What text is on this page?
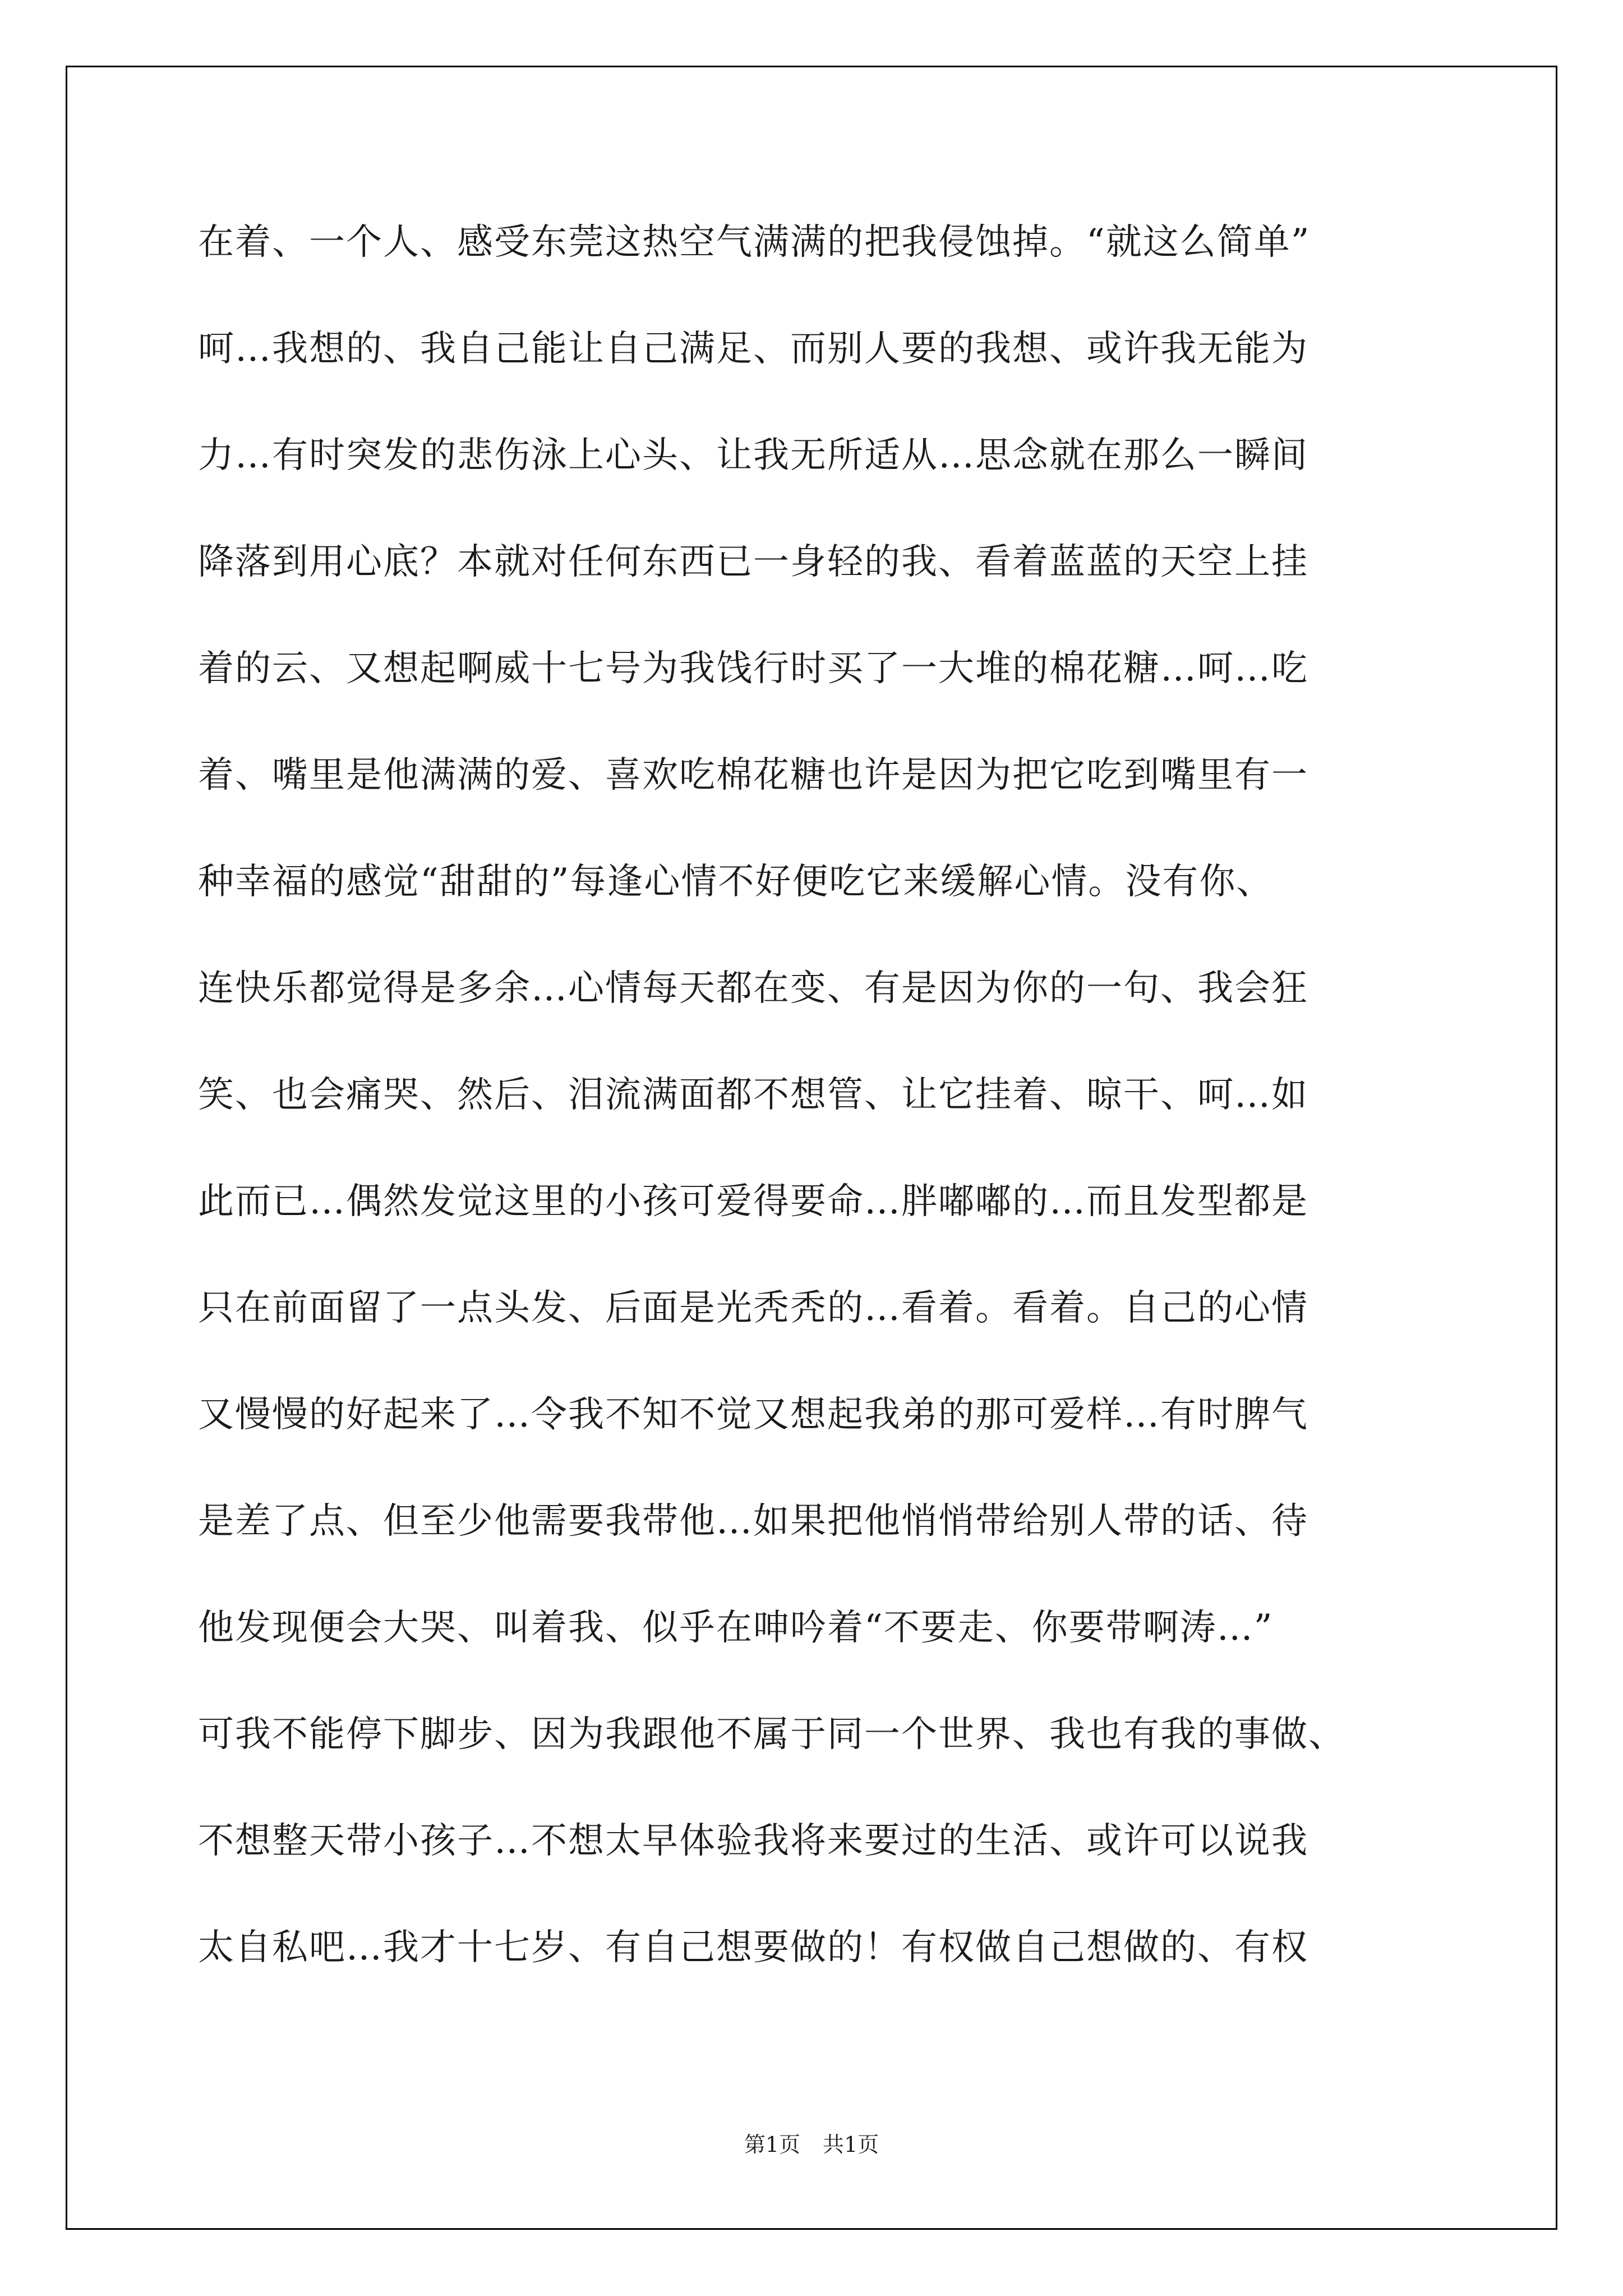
在着、一个人、感受东莞这热空气满满的把我侵蚀掉。“就这么简单”
呵…我想的、我自己能让自己满足、而别人要的我想、或许我无能为
力…有时突发的悲伤泳上心头、让我无所适从…思念就在那么一瞬间
降落到用心底？本就对任何东西已一身轻的我、看着蓝蓝的天空上挂
着的云、又想起啊威十七号为我饯行时买了一大堆的棉花糖…呵…吃
着、嘴里是他满满的爱、喜欢吃棉花糖也许是因为把它吃到嘴里有一
种幸福的感觉“甜甜的”每逢心情不好便吃它来缓解心情。没有你、
连快乐都觉得是多余…心情每天都在变、有是因为你的一句、我会狂
笑、也会痛哭、然后、泪流满面都不想管、让它挂着、晾干、呵…如
此而已…偶然发觉这里的小孩可爱得要命…胖嘟嘟的…而且发型都是
只在前面留了一点头发、后面是光秃秃的…看着。看着。自己的心情
又慢慢的好起来了…令我不知不觉又想起我弟的那可爱样…有时脾气
是差了点、但至少他需要我带他…如果把他悄悄带给别人带的话、待
他发现便会大哭、叫着我、似乎在呻吟着“不要走、你要带啊涛…”
可我不能停下脚步、因为我跟他不属于同一个世界、我也有我的事做、
不想整天带小孩子…不想太早体验我将来要过的生活、或许可以说我
太自私吧…我才十七岁、有自己想要做的！有权做自己想做的、有权
第1页 共1页
